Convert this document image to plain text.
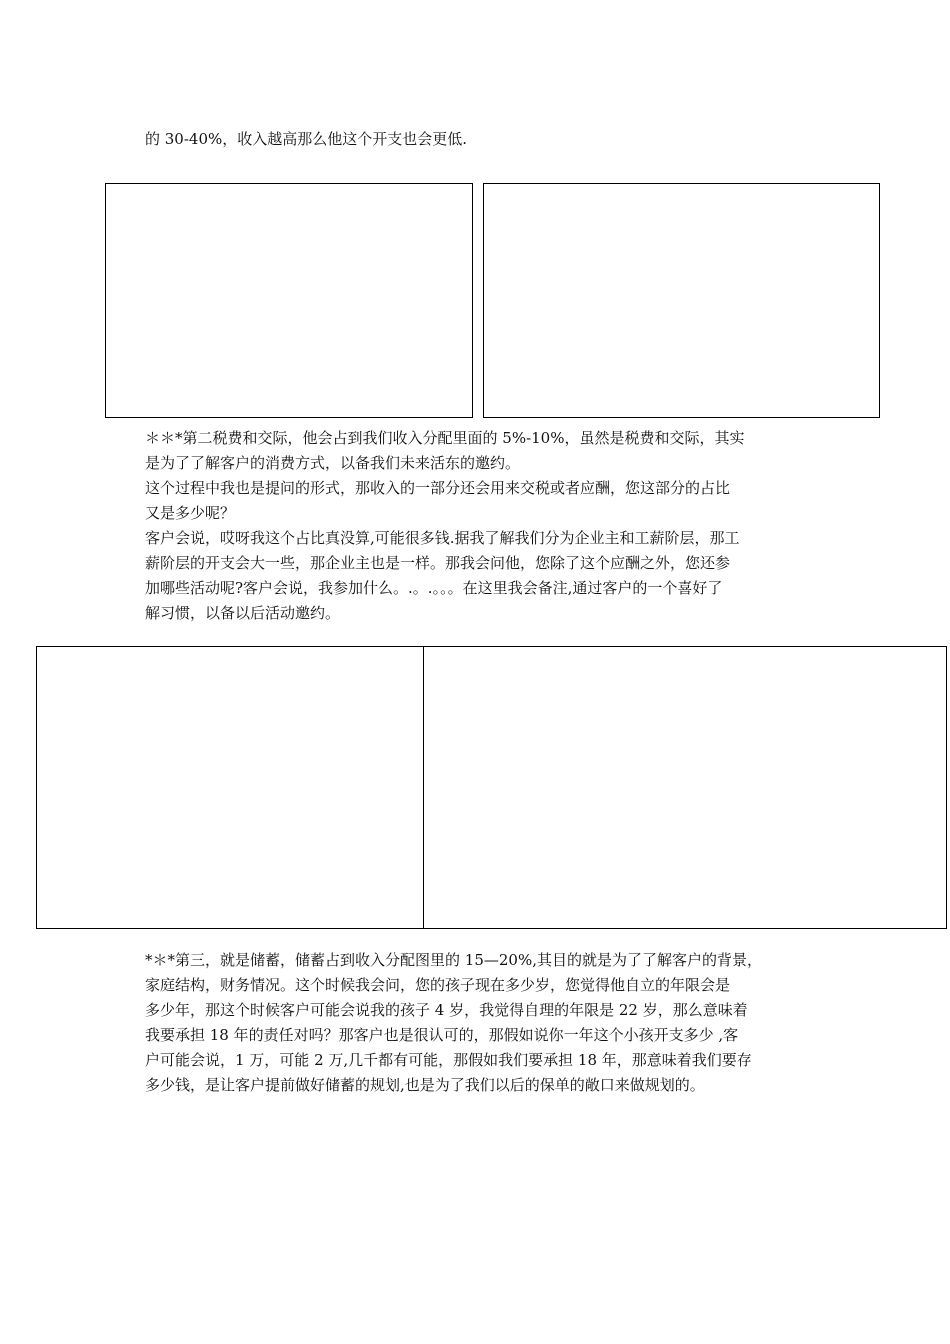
的 30-40%，收入越高那么他这个开支也会更低.

＊＊*第二税费和交际，他会占到我们收入分配里面的 5%-10%，虽然是税费和交际，其实
是为了了解客户的消费方式，以备我们未来活东的邀约。
这个过程中我也是提问的形式，那收入的一部分还会用来交税或者应酬，您这部分的占比
又是多少呢？
客户会说，哎呀我这个占比真没算,可能很多钱.据我了解我们分为企业主和工薪阶层，那工
薪阶层的开支会大一些，那企业主也是一样。那我会问他，您除了这个应酬之外，您还参
加哪些活动呢?客户会说，我参加什么。.。.。。。在这里我会备注,通过客户的一个喜好了
解习惯，以备以后活动邀约。
*＊*第三，就是储蓄，储蓄占到收入分配图里的 15—20%,其目的就是为了了解客户的背景，
家庭结构，财务情况。这个时候我会问，您的孩子现在多少岁，您觉得他自立的年限会是
多少年，那这个时候客户可能会说我的孩子 4 岁，我觉得自理的年限是 22 岁，那么意味着
我要承担 18 年的责任对吗？那客户也是很认可的，那假如说你一年这个小孩开支多少 ,客
户可能会说，1 万，可能 2 万,几千都有可能，那假如我们要承担 18 年，那意味着我们要存
多少钱，是让客户提前做好储蓄的规划,也是为了我们以后的保单的敞口来做规划的。
